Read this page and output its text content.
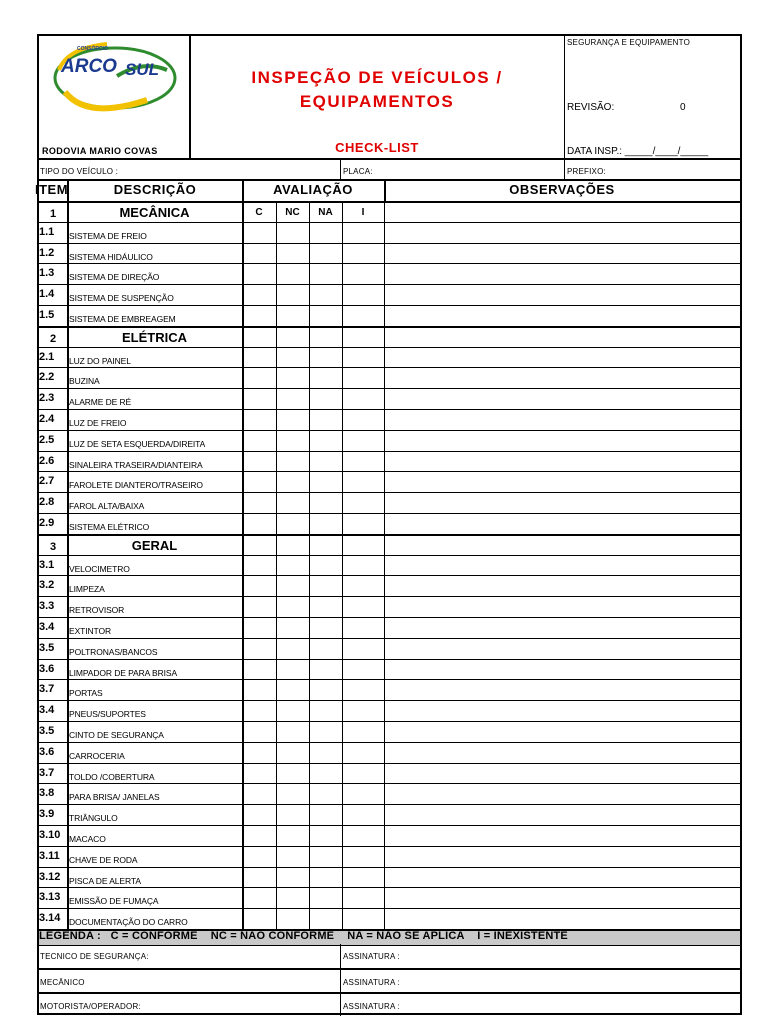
CONSÓRCIO
ARCO SUL
RODOVIA MARIO COVAS
INSPEÇÃO DE VEÍCULOS /
EQUIPAMENTOS
CHECK-LIST
SEGURANÇA E EQUIPAMENTO
REVISÃO:	0
DATA INSP.: _____/____/_____
TIPO DO VEÍCULO :	PLACA:	PREFIXO:
ITEM	DESCRIÇÃO	AVALIAÇÃO	OBSERVAÇÕES
1	MECÂNICA	C	NC	NA	I
1.1	SISTEMA DE FREIO
1.2	SISTEMA HIDÁULICO
1.3	SISTEMA DE DIREÇÃO
1.4	SISTEMA DE SUSPENÇÃO
1.5	SISTEMA DE EMBREAGEM
2	ELÉTRICA
2.1	LUZ DO PAINEL
2.2	BUZINA
2.3	ALARME DE RÉ
2.4	LUZ DE FREIO
2.5	LUZ DE SETA ESQUERDA/DIREITA
2.6	SINALEIRA TRASEIRA/DIANTEIRA
2.7	FAROLETE DIANTERO/TRASEIRO
2.8	FAROL ALTA/BAIXA
2.9	SISTEMA ELÉTRICO
3	GERAL
3.1	VELOCIMETRO
3.2	LIMPEZA
3.3	RETROVISOR
3.4	EXTINTOR
3.5	POLTRONAS/BANCOS
3.6	LIMPADOR DE PARA BRISA
3.7	PORTAS
3.4	PNEUS/SUPORTES
3.5	CINTO DE SEGURANÇA
3.6	CARROCERIA
3.7	TOLDO /COBERTURA
3.8	PARA BRISA/ JANELAS
3.9	TRIÂNGULO
3.10	MACACO
3.11	CHAVE DE RODA
3.12	PISCA DE ALERTA
3.13	EMISSÃO DE FUMAÇA
3.14	DOCUMENTAÇÃO DO CARRO
LEGENDA :   C = CONFORME    NC = NÃO CONFORME    NA = NÃO SE APLICA    I = INEXISTENTE
TECNICO DE SEGURANÇA:	ASSINATURA :
MECÂNICO	ASSINATURA :
MOTORISTA/OPERADOR:	ASSINATURA :
